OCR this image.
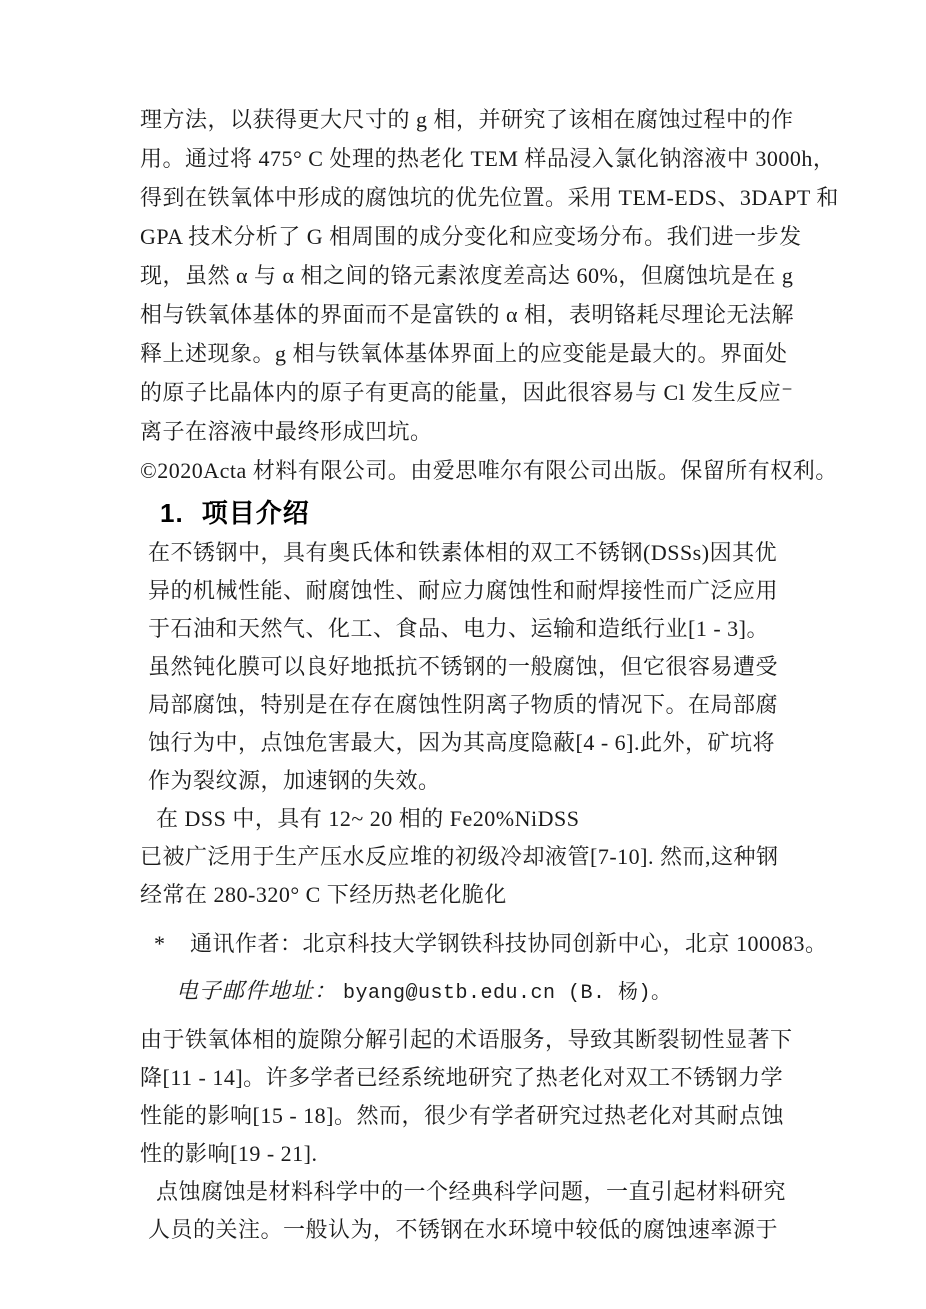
理方法，以获得更大尺寸的 g 相，并研究了该相在腐蚀过程中的作
用。通过将 475° C 处理的热老化 TEM 样品浸入氯化钠溶液中 3000h，
得到在铁氧体中形成的腐蚀坑的优先位置。采用 TEM-EDS、3DAPT 和
GPA 技术分析了 G 相周围的成分变化和应变场分布。我们进一步发
现，虽然 α 与 α 相之间的铬元素浓度差高达 60%，但腐蚀坑是在 g
相与铁氧体基体的界面而不是富铁的 α 相，表明铬耗尽理论无法解
释上述现象。g 相与铁氧体基体界面上的应变能是最大的。界面处
的原子比晶体内的原子有更高的能量，因此很容易与 Cl 发生反应⁻
离子在溶液中最终形成凹坑。
©2020Acta 材料有限公司。由爱思唯尔有限公司出版。保留所有权利。
1. 项目介绍
在不锈钢中，具有奥氏体和铁素体相的双工不锈钢(DSSs)因其优
异的机械性能、耐腐蚀性、耐应力腐蚀性和耐焊接性而广泛应用
于石油和天然气、化工、食品、电力、运输和造纸行业[1 - 3]。
虽然钝化膜可以良好地抵抗不锈钢的一般腐蚀，但它很容易遭受
局部腐蚀，特别是在存在腐蚀性阴离子物质的情况下。在局部腐
蚀行为中，点蚀危害最大，因为其高度隐蔽[4 - 6].此外，矿坑将
作为裂纹源，加速钢的失效。
在 DSS 中，具有 12~ 20 相的 Fe20%NiDSS
已被广泛用于生产压水反应堆的初级冷却液管[7-10]. 然而,这种钢
经常在 280-320° C 下经历热老化脆化
* 通讯作者：北京科技大学钢铁科技协同创新中心，北京 100083。
电子邮件地址： byang@ustb.edu.cn (B. 杨)。
由于铁氧体相的旋隙分解引起的术语服务，导致其断裂韧性显著下
降[11 - 14]。许多学者已经系统地研究了热老化对双工不锈钢力学
性能的影响[15 - 18]。然而，很少有学者研究过热老化对其耐点蚀
性的影响[19 - 21].
点蚀腐蚀是材料科学中的一个经典科学问题，一直引起材料研究
人员的关注。一般认为，不锈钢在水环境中较低的腐蚀速率源于
